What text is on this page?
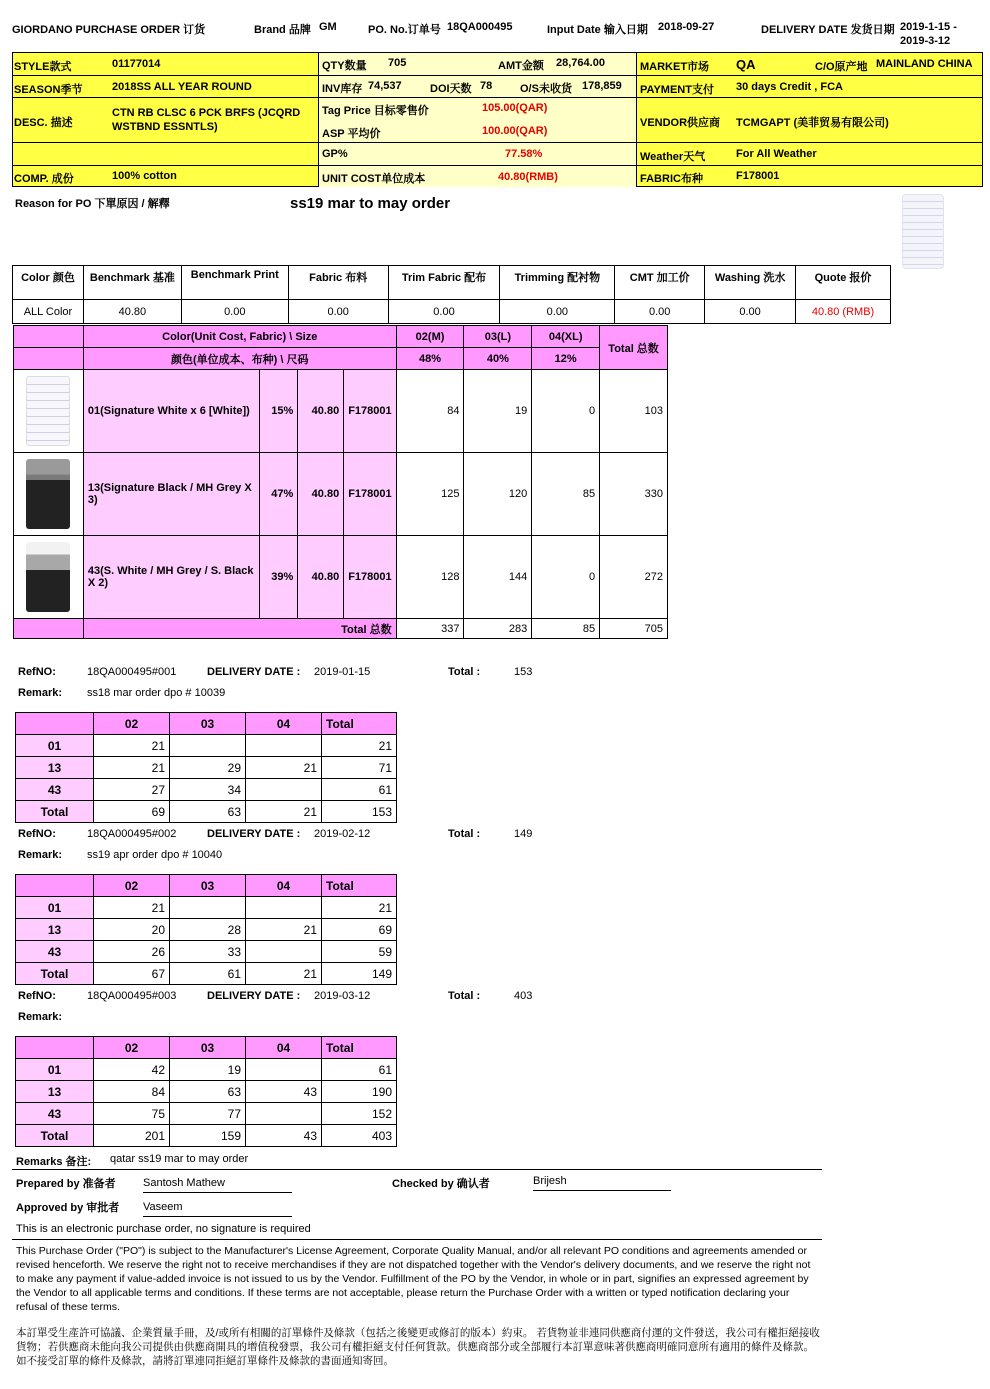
GIORDANO PURCHASE ORDER 订货	Brand 品牌 GM	PO. No.订单号 18QA000495	Input Date 输入日期 2018-09-27	DELIVERY DATE 发货日期 2019-1-15 -
2019-3-12
STYLE款式	01177014
SEASON季节	2018SS ALL YEAR ROUND
DESC. 描述
CTN RB CLSC 6 PCK BRFS (JCQRD
WSTBND ESSNTLS)
COMP. 成份	100% cotton
QTY数量 705	AMT金额 28,764.00
INV库存 74,537	DOI天数 78	O/S未收货 178,859
Tag Price 目标零售价	105.00(QAR)
ASP 平均价	100.00(QAR)
GP%	77.58%
UNIT COST单位成本	40.80(RMB)
MARKET市场 QA	C/O原产地 MAINLAND CHINA
PAYMENT支付 30 days Credit , FCA
VENDOR供应商 TCMGAPT (美菲贸易有限公司)
Weather天气	For All Weather
FABRIC布种	F178001
Reason for PO 下單原因 / 解釋	ss19 mar to may order
Color 颜色	Benchmark 基准	Benchmark Print	Fabric 布料	Trim Fabric 配布	Trimming 配衬物	CMT 加工价	Washing 洗水	Quote 报价
ALL Color	40.80	0.00	0.00	0.00	0.00	0.00	0.00	40.80 (RMB)
	Color(Unit Cost, Fabric) \ Size				02(M)	03(L)	04(XL)	Total 总数
	颜色(单位成本、布种) \ 尺码				48%	40%	12%	

	01(Signature White x 6 [White])	15%	40.80	F178001	84	19	0	103

	13(Signature Black / MH Grey X 3)	47%	40.80	F178001	125	120	85	330

	43(S. White / MH Grey / S. Black X 2)	39%	40.80	F178001	128	144	0	272
	Total 总数				337	283	85	705
RefNO:	18QA000495#001	DELIVERY DATE : 2019-01-15	Total :	153
Remark: ss18 mar order dpo # 10039
	02	03	04	Total
01	21			21
13	21	29	21	71
43	27	34		61
Total	69	63	21	153
RefNO:	18QA000495#002	DELIVERY DATE : 2019-02-12	Total :	149
Remark: ss19 apr order dpo # 10040
	02	03	04	Total
01	21			21
13	20	28	21	69
43	26	33		59
Total	67	61	21	149
RefNO:	18QA000495#003	DELIVERY DATE : 2019-03-12	Total :	403
Remark:
	02	03	04	Total
01	42	19		61
13	84	63	43	190
43	75	77		152
Total	201	159	43	403
Remarks 备注: qatar ss19 mar to may order
Prepared by 准备者 Santosh Mathew	Checked by 确认者	Brijesh
Approved by 审批者 Vaseem
This is an electronic purchase order, no signature is required
This Purchase Order ("PO") is subject to the Manufacturer's License Agreement, Corporate Quality Manual, and/or all relevant PO conditions and agreements amended or revised henceforth. We reserve the right not to receive merchandises if they are not dispatched together with the Vendor's delivery documents, and we reserve the right not to make any payment if value-added invoice is not issued to us by the Vendor. Fulfillment of the PO by the Vendor, in whole or in part, signifies an expressed agreement by the Vendor to all applicable terms and conditions. If these terms are not acceptable, please return the Purchase Order with a written or typed notification declaring your refusal of these terms.
本訂單受生產許可協議、企業質量手冊，及/或所有相關的訂單條件及條款（包括之後變更或修訂的版本）約束。 若貨物並非連同供應商付運的文件發送，我公司有權拒絕接收貨物；若供應商未能向我公司提供由供應商開具的增值稅發票，我公司有權拒絕支付任何貨款。供應商部分或全部履行本訂單意味著供應商明確同意所有適用的條件及條款。如不接受訂單的條件及條款，請將訂單連同拒絕訂單條件及條款的書面通知寄回。
